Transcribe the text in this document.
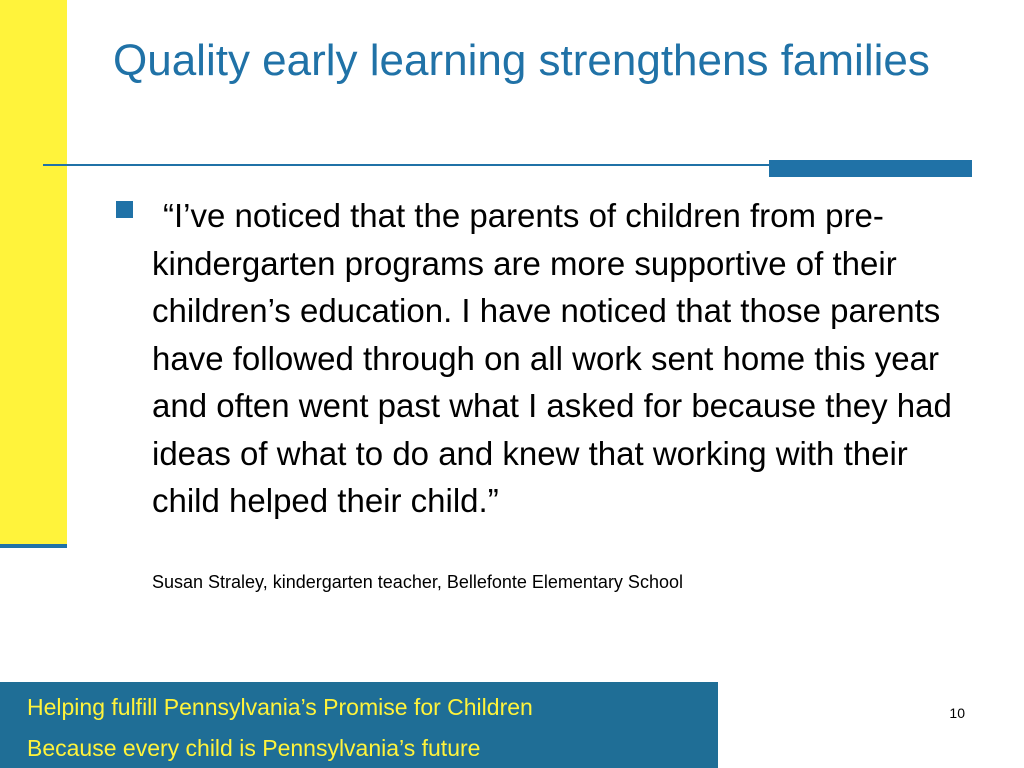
Quality early learning strengthens families

“I’ve noticed that the parents of children from pre-kindergarten programs are more supportive of their children’s education. I have noticed that those parents have followed through on all work sent home this year and often went past what I asked for because they had ideas of what to do and knew that working with their child helped their child.”

Susan Straley, kindergarten teacher, Bellefonte Elementary School

Helping fulfill Pennsylvania’s Promise for Children

Because every child is Pennsylvania’s future

10
